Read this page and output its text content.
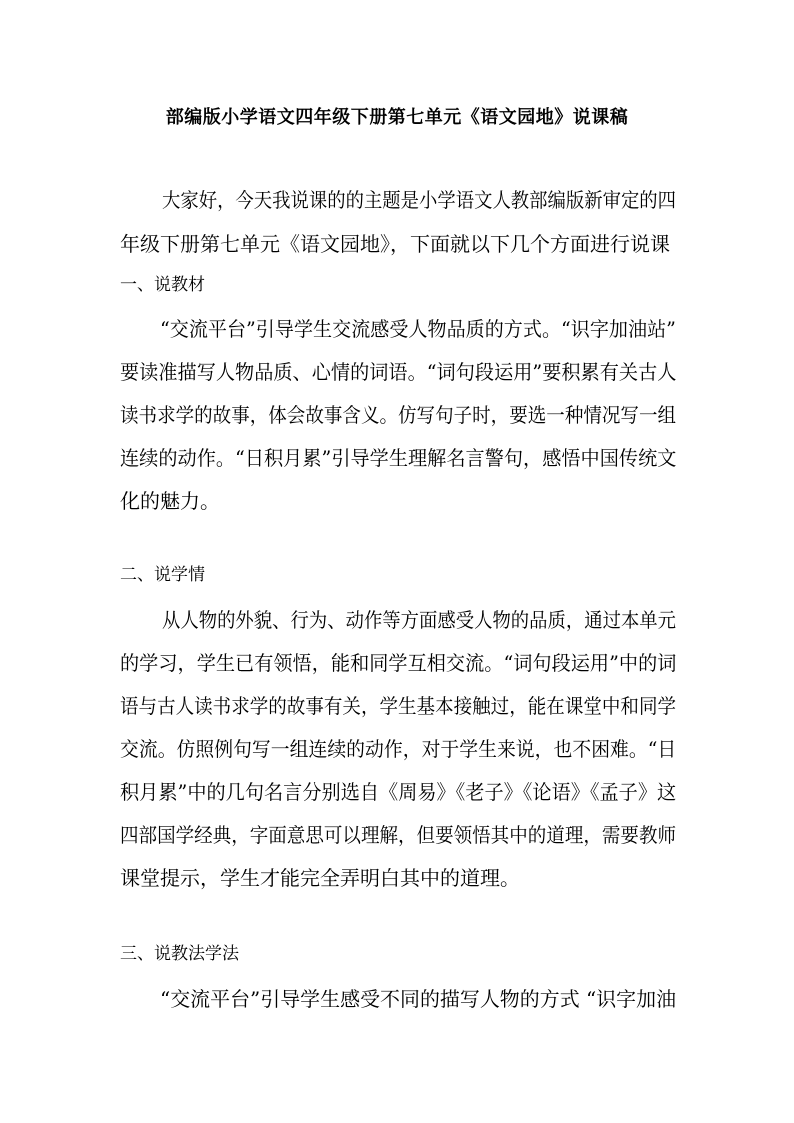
部编版小学语文四年级下册第七单元《语文园地》说课稿
大家好，今天我说课的的主题是小学语文人教部编版新审定的四
年级下册第七单元《语文园地》，下面就以下几个方面进行说课
一、说教材
“交流平台”引导学生交流感受人物品质的方式。“识字加油站”
要读准描写人物品质、心情的词语。“词句段运用”要积累有关古人
读书求学的故事，体会故事含义。仿写句子时，要选一种情况写一组
连续的动作。“日积月累”引导学生理解名言警句，感悟中国传统文
化的魅力。
二、说学情
从人物的外貌、行为、动作等方面感受人物的品质，通过本单元
的学习，学生已有领悟，能和同学互相交流。“词句段运用”中的词
语与古人读书求学的故事有关，学生基本接触过，能在课堂中和同学
交流。仿照例句写一组连续的动作，对于学生来说，也不困难。“日
积月累”中的几句名言分别选自《周易》《老子》《论语》《孟子》这
四部国学经典，字面意思可以理解，但要领悟其中的道理，需要教师
课堂提示，学生才能完全弄明白其中的道理。
三、说教法学法
“交流平台”引导学生感受不同的描写人物的方式 “识字加油
